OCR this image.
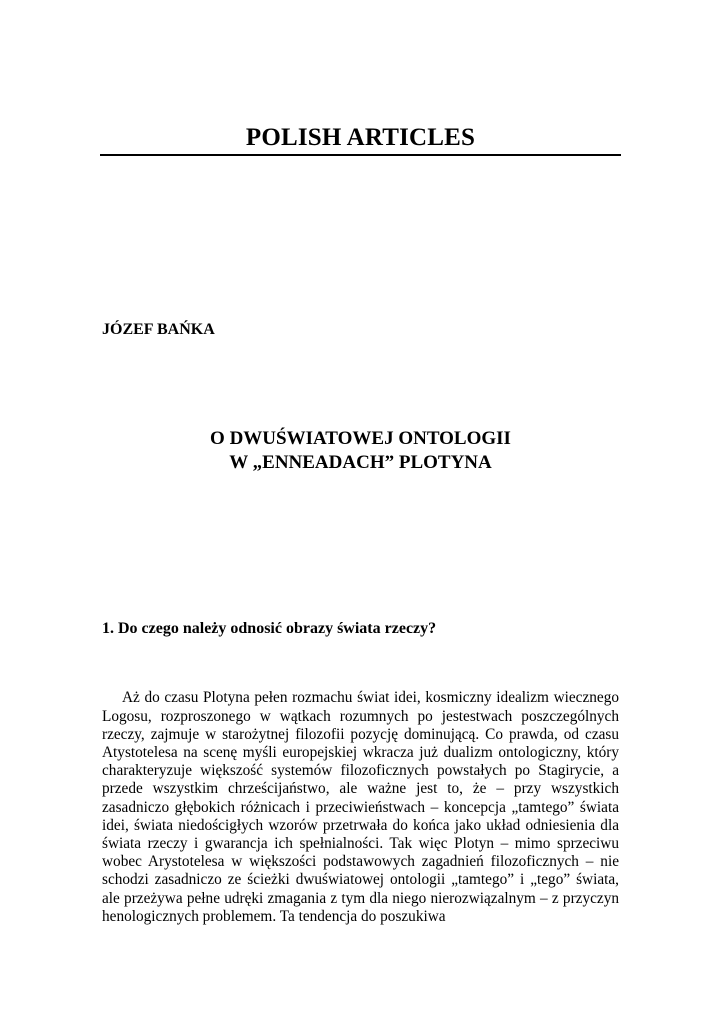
POLISH ARTICLES
JÓZEF BAŃKA
O DWUŚWIATOWEJ ONTOLOGII
W „ENNEADACH” PLOTYNA
1. Do czego należy odnosić obrazy świata rzeczy?

Aż do czasu Plotyna pełen rozmachu świat idei, kosmiczny idealizm wiecznego Logosu, rozproszonego w wątkach rozumnych po jestestwach poszczególnych rzeczy, zajmuje w starożytnej filozofii pozycję dominującą. Co prawda, od czasu Atystotelesa na scenę myśli europejskiej wkracza już dualizm ontologiczny, który charakteryzuje większość systemów filozoficznych powstałych po Stagirycie, a przede wszystkim chrześcijaństwo, ale ważne jest to, że – przy wszystkich zasadniczo głębokich różnicach i przeciwieństwach – koncepcja „tamtego” świata idei, świata niedościgłych wzorów przetrwała do końca jako układ odniesienia dla świata rzeczy i gwarancja ich spełnialności. Tak więc Plotyn – mimo sprzeciwu wobec Arystotelesa w większości podstawowych zagadnień filozoficznych – nie schodzi zasadniczo ze ścieżki dwuświatowej ontologii „tamtego” i „tego” świata, ale przeżywa pełne udręki zmagania z tym dla niego nierozwiązalnym – z przyczyn henologicznych problemem. Ta tendencja do poszukiwa
